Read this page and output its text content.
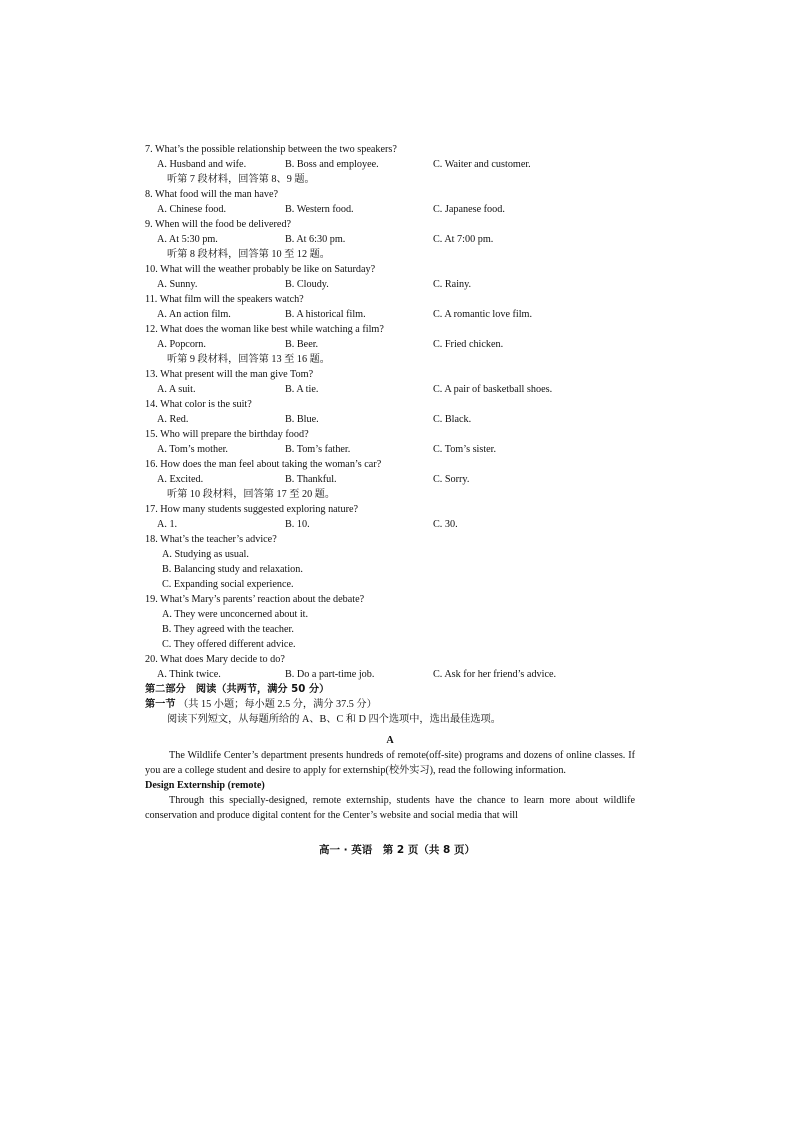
7. What’s the possible relationship between the two speakers?
A. Husband and wife.	B. Boss and employee.	C. Waiter and customer.
听第 7 段材料，回答第 8、9 题。
8. What food will the man have?
A. Chinese food.	B. Western food.	C. Japanese food.
9. When will the food be delivered?
A. At 5:30 pm.	B. At 6:30 pm.	C. At 7:00 pm.
听第 8 段材料，回答第 10 至 12 题。
10. What will the weather probably be like on Saturday?
A. Sunny.	B. Cloudy.	C. Rainy.
11. What film will the speakers watch?
A. An action film.	B. A historical film.	C. A romantic love film.
12. What does the woman like best while watching a film?
A. Popcorn.	B. Beer.	C. Fried chicken.
听第 9 段材料，回答第 13 至 16 题。
13. What present will the man give Tom?
A. A suit.	B. A tie.	C. A pair of basketball shoes.
14. What color is the suit?
A. Red.	B. Blue.	C. Black.
15. Who will prepare the birthday food?
A. Tom’s mother.	B. Tom’s father.	C. Tom’s sister.
16. How does the man feel about taking the woman’s car?
A. Excited.	B. Thankful.	C. Sorry.
听第 10 段材料，回答第 17 至 20 题。
17. How many students suggested exploring nature?
A. 1.	B. 10.	C. 30.
18. What’s the teacher’s advice?
A. Studying as usual.
B. Balancing study and relaxation.
C. Expanding social experience.
19. What’s Mary’s parents’ reaction about the debate?
A. They were unconcerned about it.
B. They agreed with the teacher.
C. They offered different advice.
20. What does Mary decide to do?
A. Think twice.	B. Do a part-time job.	C. Ask for her friend’s advice.
第二部分　阅读（共两节，满分 50 分）
第一节 （共 15 小题；每小题 2.5 分，满分 37.5 分）
阅读下列短文，从每题所给的 A、B、C 和 D 四个选项中，选出最佳选项。
A
The Wildlife Center’s department presents hundreds of remote(off-site) programs and dozens of online classes. If you are a college student and desire to apply for externship(校外实习), read the following information.
Design Externship (remote)
Through this specially-designed, remote externship, students have the chance to learn more about wildlife conservation and produce digital content for the Center’s website and social media that will
高一 · 英语　第 2 页（共 8 页）
